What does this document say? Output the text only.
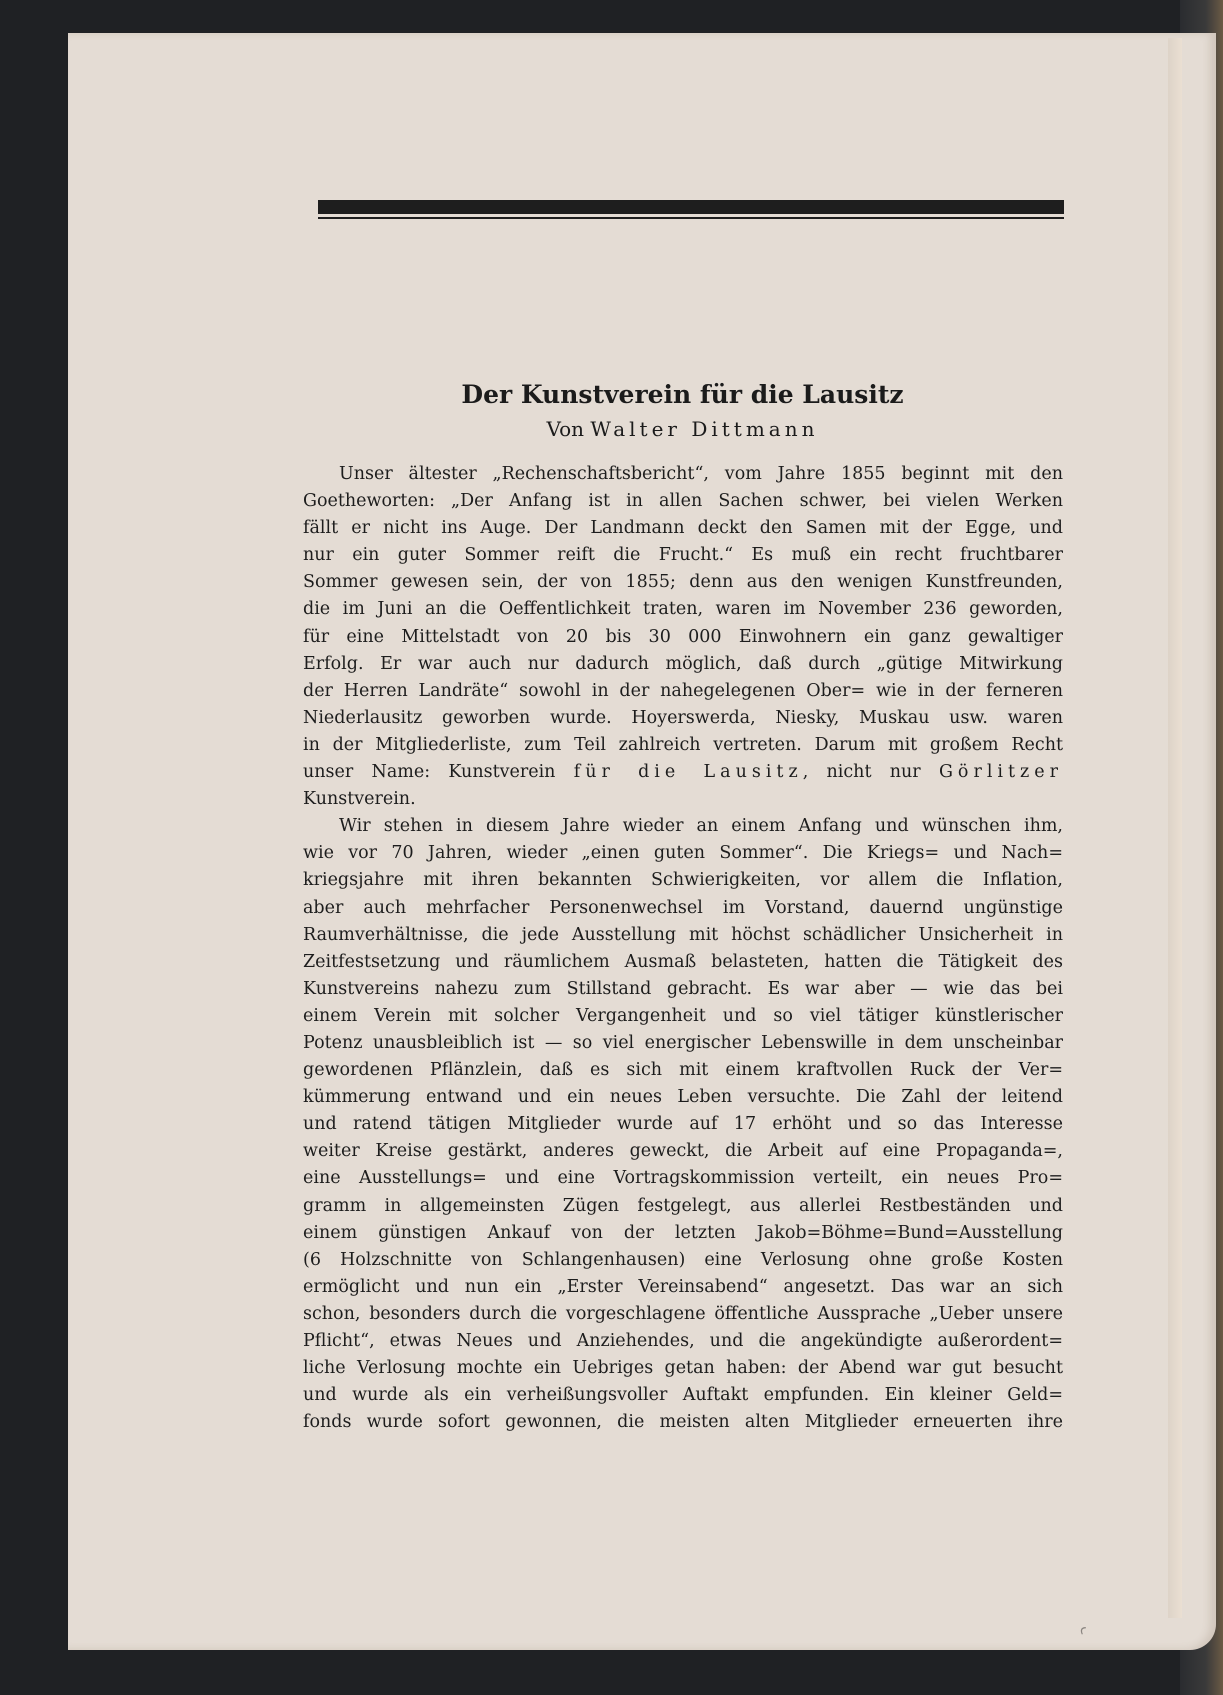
Der Kunstverein für die Lausitz
Von Walter Dittmann
Unser ältester „Rechenschaftsbericht“, vom Jahre 1855 beginnt mit den
Goetheworten: „Der Anfang ist in allen Sachen schwer, bei vielen Werken
fällt er nicht ins Auge. Der Landmann deckt den Samen mit der Egge, und
nur ein guter Sommer reift die Frucht.“ Es muß ein recht fruchtbarer
Sommer gewesen sein, der von 1855; denn aus den wenigen Kunstfreunden,
die im Juni an die Oeffentlichkeit traten, waren im November 236 geworden,
für eine Mittelstadt von 20 bis 30 000 Einwohnern ein ganz gewaltiger
Erfolg. Er war auch nur dadurch möglich, daß durch „gütige Mitwirkung
der Herren Landräte“ sowohl in der nahegelegenen Ober= wie in der ferneren
Niederlausitz geworben wurde. Hoyerswerda, Niesky, Muskau usw. waren
in der Mitgliederliste, zum Teil zahlreich vertreten. Darum mit großem Recht
unser Name: Kunstverein für die Lausitz, nicht nur Görlitzer
Kunstverein.
Wir stehen in diesem Jahre wieder an einem Anfang und wünschen ihm,
wie vor 70 Jahren, wieder „einen guten Sommer“. Die Kriegs= und Nach=
kriegsjahre mit ihren bekannten Schwierigkeiten, vor allem die Inflation,
aber auch mehrfacher Personenwechsel im Vorstand, dauernd ungünstige
Raumverhältnisse, die jede Ausstellung mit höchst schädlicher Unsicherheit in
Zeitfestsetzung und räumlichem Ausmaß belasteten, hatten die Tätigkeit des
Kunstvereins nahezu zum Stillstand gebracht. Es war aber — wie das bei
einem Verein mit solcher Vergangenheit und so viel tätiger künstlerischer
Potenz unausbleiblich ist — so viel energischer Lebenswille in dem unscheinbar
gewordenen Pflänzlein, daß es sich mit einem kraftvollen Ruck der Ver=
kümmerung entwand und ein neues Leben versuchte. Die Zahl der leitend
und ratend tätigen Mitglieder wurde auf 17 erhöht und so das Interesse
weiter Kreise gestärkt, anderes geweckt, die Arbeit auf eine Propaganda=,
eine Ausstellungs= und eine Vortragskommission verteilt, ein neues Pro=
gramm in allgemeinsten Zügen festgelegt, aus allerlei Restbeständen und
einem günstigen Ankauf von der letzten Jakob=Böhme=Bund=Ausstellung
(6 Holzschnitte von Schlangenhausen) eine Verlosung ohne große Kosten
ermöglicht und nun ein „Erster Vereinsabend“ angesetzt. Das war an sich
schon, besonders durch die vorgeschlagene öffentliche Aussprache „Ueber unsere
Pflicht“, etwas Neues und Anziehendes, und die angekündigte außerordent=
liche Verlosung mochte ein Uebriges getan haben: der Abend war gut besucht
und wurde als ein verheißungsvoller Auftakt empfunden. Ein kleiner Geld=
fonds wurde sofort gewonnen, die meisten alten Mitglieder erneuerten ihre
ꜥ
